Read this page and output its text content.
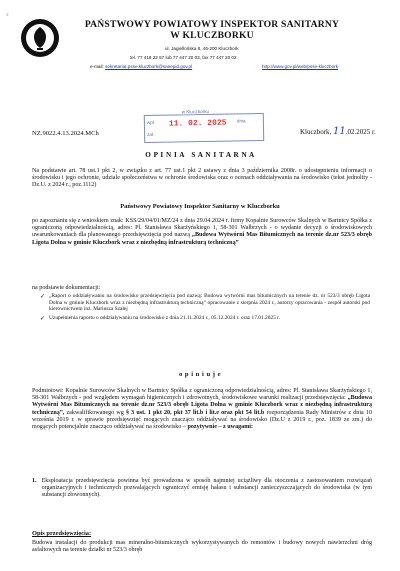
2
PAŃSTWOWY POWIATOWY INSPEKTOR SANITARNY
W KLUCZBORKU
ul. Jagiellońska 8, 46-200 Kluczbork
tel. 77 418 22 57 lub 77 447 20 03, fax 77 447 20 02
e-mail: sekretariat.psse.kluczbork@sanepid.gov.pl	http://www.gov.pl/web/psse-kluczbork
w Kluczborku
wpł. 11. 02. 2025 dnia
zał.
NZ.9022.4.13.2024.MCh	Kluczbork, 11.02.2025 r.
O P I N I A   S A N I T A R N A
Na podstawie art. 78 ust.1 pkt 2, w związku z art. 77 ust.1 pkt 2 ustawy z dnia 3 października 2008r. o udostępnieniu informacji o środowisku i jego ochronie, udziale społeczeństwa w ochronie środowiska oraz o ocenach oddziaływania na środowisko (tekst jednolity - Dz.U. z 2024 r., poz.1112)
Państwowy Powiatowy Inspektor Sanitarny w Kluczborku
po zapoznaniu się z wnioskiem znak: KSS/29/04/01/MZ/24 z dnia 29.04.2024 r. firmy Kopalnie Surowców Skalnych w Bartnicy Spółka z ograniczoną odpowiedzialnością, adres: Pl. Stanisława Skarżyńskiego 1, 58-301 Wałbrzych - o wydanie decyzji o środowiskowych uwarunkowaniach dla planowanego przedsięwzięcia pod nazwą „Budowa Wytwórni Mas Bitumicznych na terenie dz.nr 523/3 obręb Ligota Dolna w gminie Kluczbork wraz z niezbędną infrastrukturą techniczną”
na podstawie dokumentacji:
✓ „Raport o oddziaływaniu na środowisko przedsięwzięcia pod nazwą: Budowa wytwórni mas bitumicznych na terenie dz. nr 523/3 obręb Ligota Dolna w gminie Kluczbork wraz z niezbędną infrastrukturą techniczną” opracowanie z sierpnia 2024 r., autorzy opracowania - zespół autorski pod kierownictwem inż. Mariusza Szałej
✓ Uzupełnienia raportu o oddziaływaniu na środowisko z dnia 21.11.2024 r., 05.12.2024 r. oraz 17.01.2025 r.
o p i n i u j e
Podmiotowi: Kopalnie Surowców Skalnych w Bartnicy Spółka z ograniczoną odpowiedzialnością, adres: Pl. Stanisława Skarżyńskiego 1, 58-301 Wałbrzych - pod względem wymagań higienicznych i zdrowotnych, środowiskowe warunki realizacji przedsięwzięcia: „Budowa Wytwórni Mas Bitumicznych na terenie dz.nr 523/3 obręb Ligota Dolna w gminie Kluczbork wraz z niezbędną infrastrukturą techniczną”, zakwalifikowanego wg § 3 ust. 1 pkt 20, pkt 37 lit.b i lit.e oraz pkt 54 lit.b rozporządzenia Rady Ministrów z dnia 10 września 2019 r. w sprawie przedsięwzięć mogących znacząco oddziaływać na środowisko (Dz.U z 2019 r., poz. 1839 ze zm.) do mogących potencjalnie znacząco oddziaływać na środowisko – pozytywnie – z uwagami:
1. Eksploatacja przedsięwzięcia powinna być prowadzona w sposób najmniej uciążliwy dla otoczenia z zastosowaniem rozwiązań organizacyjnych i technicznych pozwalających ograniczyć emisję hałasu i substancji zanieczyszczających do środowiska (w tym substancji złowonnych).
Opis przedsięwzięcia:
Budowa instalacji do produkcji mas mineralno-bitumicznych wykorzystywanych do remontów i budowy nowych nawierzchni dróg asfaltowych na terenie działki nr 523/3 obręb
